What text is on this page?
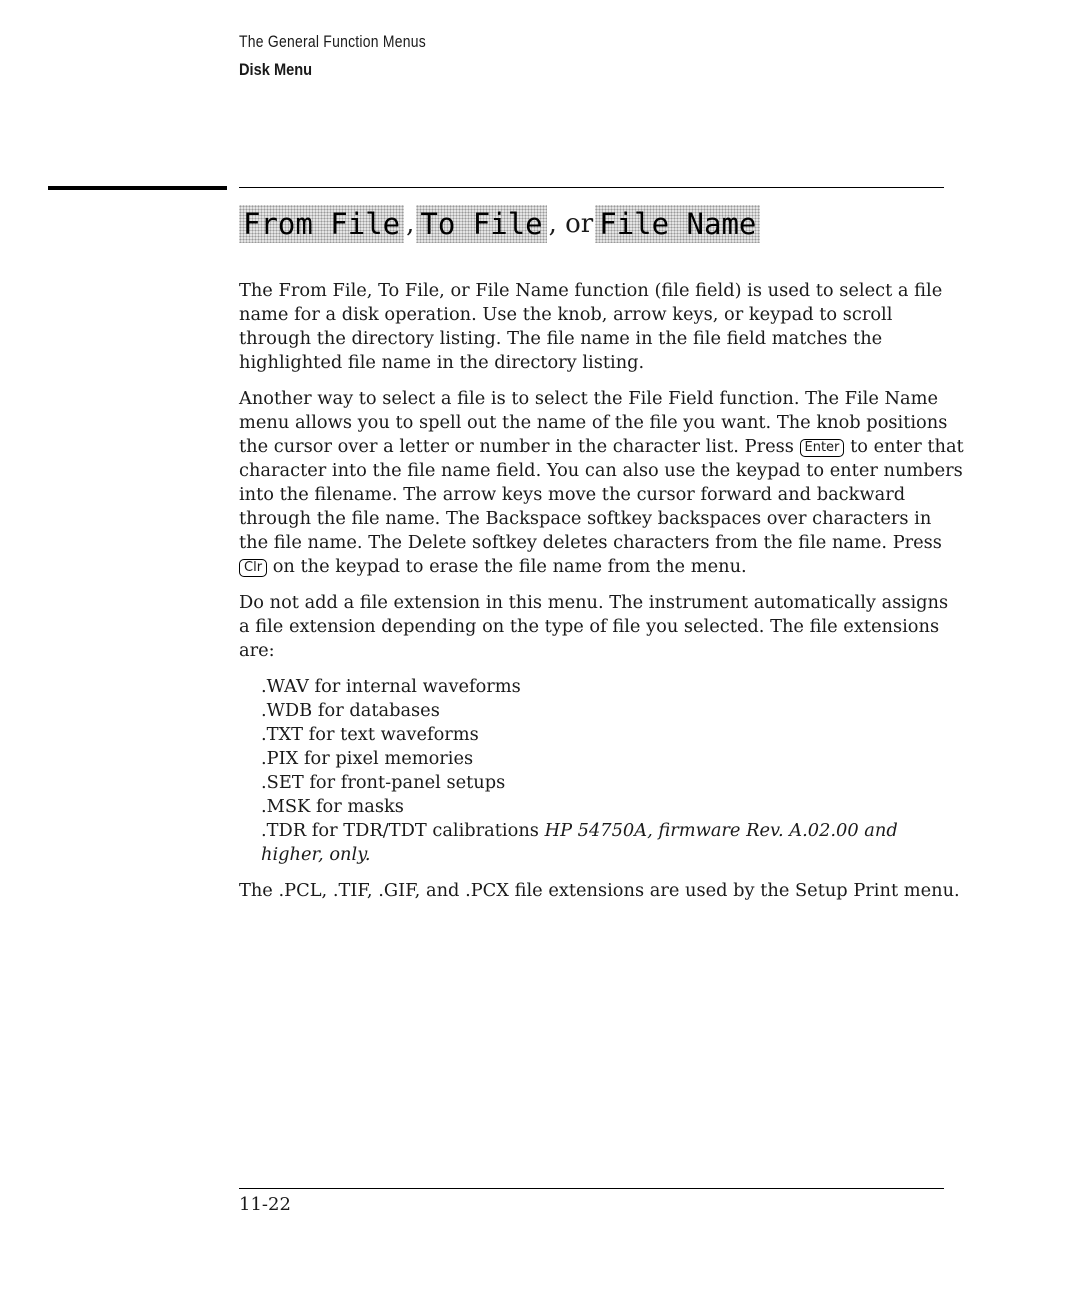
The General Function Menus
Disk Menu
From File , To File , or File Name

The From File, To File, or File Name function (file field) is used to select a file name for a disk operation. Use the knob, arrow keys, or keypad to scroll through the directory listing. The file name in the file field matches the highlighted file name in the directory listing.

Another way to select a file is to select the File Field function. The File Name menu allows you to spell out the name of the file you want. The knob positions the cursor over a letter or number in the character list. Press Enter to enter that character into the file name field. You can also use the keypad to enter numbers into the filename. The arrow keys move the cursor forward and backward through the file name. The Backspace softkey backspaces over characters in the file name. The Delete softkey deletes characters from the file name. Press Clr on the keypad to erase the file name from the menu.

Do not add a file extension in this menu. The instrument automatically assigns a file extension depending on the type of file you selected. The file extensions are:

.WAV for internal waveforms
.WDB for databases
.TXT for text waveforms
.PIX for pixel memories
.SET for front-panel setups
.MSK for masks
.TDR for TDR/TDT calibrations HP 54750A, firmware Rev. A.02.00 and higher, only.

The .PCL, .TIF, .GIF, and .PCX file extensions are used by the Setup Print menu.

11-22
